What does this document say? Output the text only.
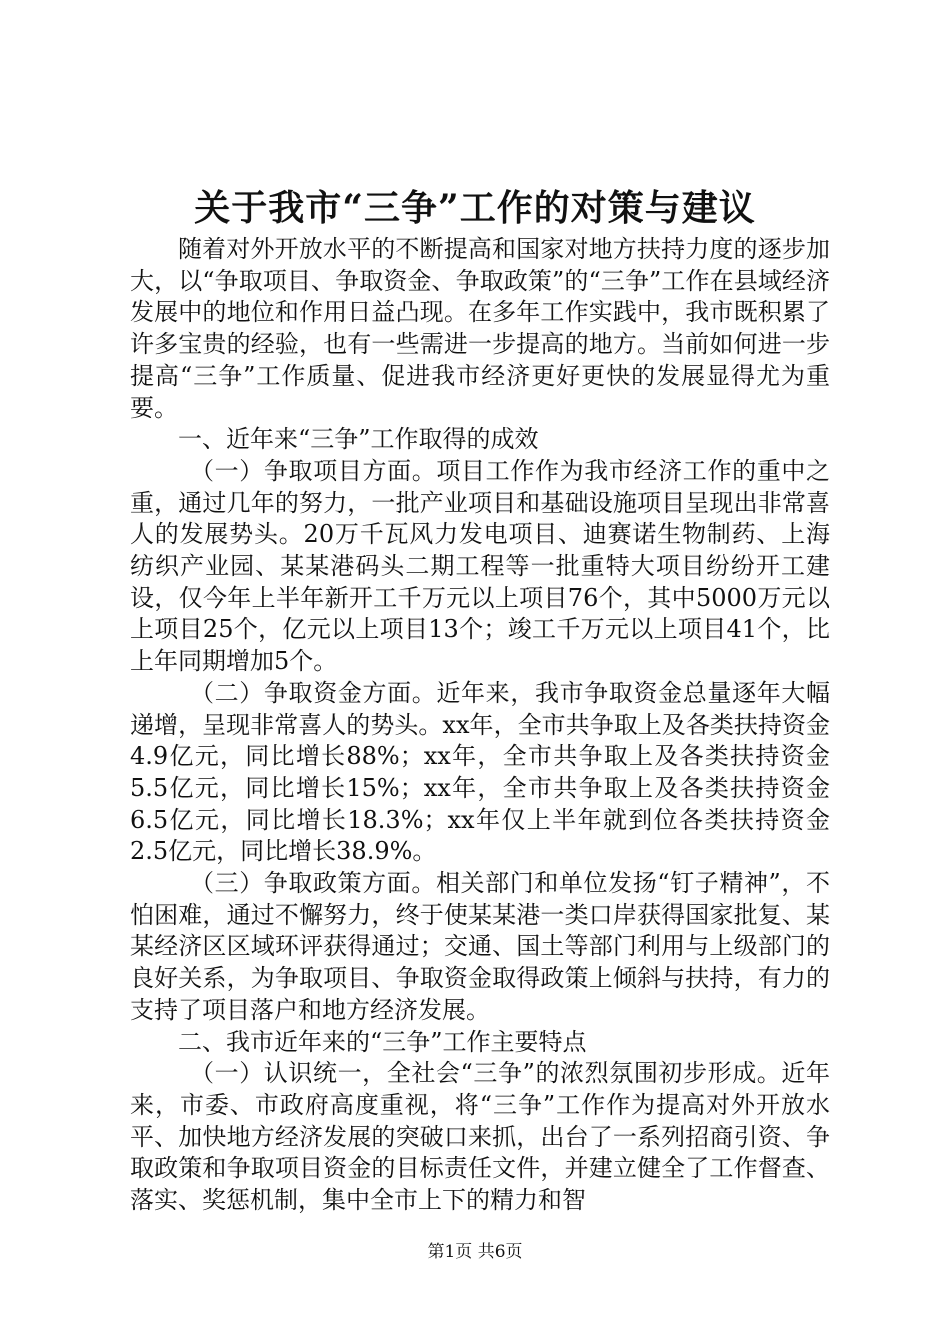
关于我市“三争”工作的对策与建议

随着对外开放水平的不断提高和国家对地方扶持力度的逐步加大，以“争取项目、争取资金、争取政策”的“三争”工作在县域经济发展中的地位和作用日益凸现。在多年工作实践中，我市既积累了许多宝贵的经验，也有一些需进一步提高的地方。当前如何进一步提高“三争”工作质量、促进我市经济更好更快的发展显得尤为重要。

一、近年来“三争”工作取得的成效

（一）争取项目方面。项目工作作为我市经济工作的重中之重，通过几年的努力，一批产业项目和基础设施项目呈现出非常喜人的发展势头。20万千瓦风力发电项目、迪赛诺生物制药、上海纺织产业园、某某港码头二期工程等一批重特大项目纷纷开工建设，仅今年上半年新开工千万元以上项目76个，其中5000万元以上项目25个，亿元以上项目13个；竣工千万元以上项目41个，比上年同期增加5个。

（二）争取资金方面。近年来，我市争取资金总量逐年大幅递增，呈现非常喜人的势头。xx年，全市共争取上及各类扶持资金4.9亿元，同比增长88%；xx年，全市共争取上及各类扶持资金5.5亿元，同比增长15%；xx年，全市共争取上及各类扶持资金6.5亿元，同比增长18.3%；xx年仅上半年就到位各类扶持资金2.5亿元，同比增长38.9%。

（三）争取政策方面。相关部门和单位发扬“钉子精神”，不怕困难，通过不懈努力，终于使某某港一类口岸获得国家批复、某某经济区区域环评获得通过；交通、国土等部门利用与上级部门的良好关系，为争取项目、争取资金取得政策上倾斜与扶持，有力的支持了项目落户和地方经济发展。

二、我市近年来的“三争”工作主要特点

（一）认识统一，全社会“三争”的浓烈氛围初步形成。近年来，市委、市政府高度重视，将“三争”工作作为提高对外开放水平、加快地方经济发展的突破口来抓，出台了一系列招商引资、争取政策和争取项目资金的目标责任文件，并建立健全了工作督查、落实、奖惩机制，集中全市上下的精力和智

第1页 共6页
